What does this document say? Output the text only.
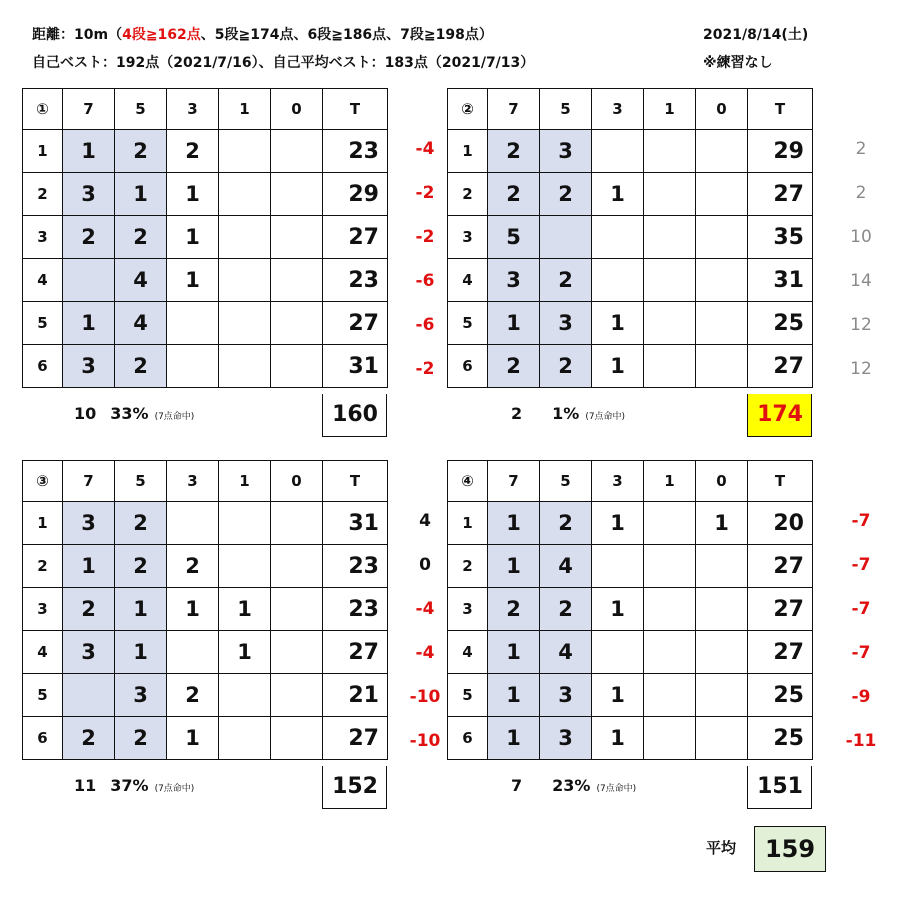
距離：10m（4段≧162点、5段≧174点、6段≧186点、7段≧198点）
自己ベスト：192点（2021/7/16）、自己平均ベスト：183点（2021/7/13）
2021/8/14(土)
※練習なし
-4
-2
-2
-6
-6
-2
①	7	5	3	1	0	T
1	1	2	2			23
2	3	1	1			29
3	2	2	1			27
4		4	1			23
5	1	4				27
6	3	2				31
10 33% (7点命中)	160
2
2
10
14
12
12
②	7	5	3	1	0	T
1	2	3				29
2	2	2	1			27
3	5					35
4	3	2				31
5	1	3	1			25
6	2	2	1			27
2 1% (7点命中)	174
4
0
-4
-4
-10
-10
③	7	5	3	1	0	T
1	3	2				31
2	1	2	2			23
3	2	1	1	1		23
4	3	1		1		27
5		3	2			21
6	2	2	1			27
11 37% (7点命中)	152
-7
-7
-7
-7
-9
-11
④	7	5	3	1	0	T
1	1	2	1		1	20
2	1	4				27
3	2	2	1			27
4	1	4				27
5	1	3	1			25
6	1	3	1			25
7 23% (7点命中)	151
平均	159
